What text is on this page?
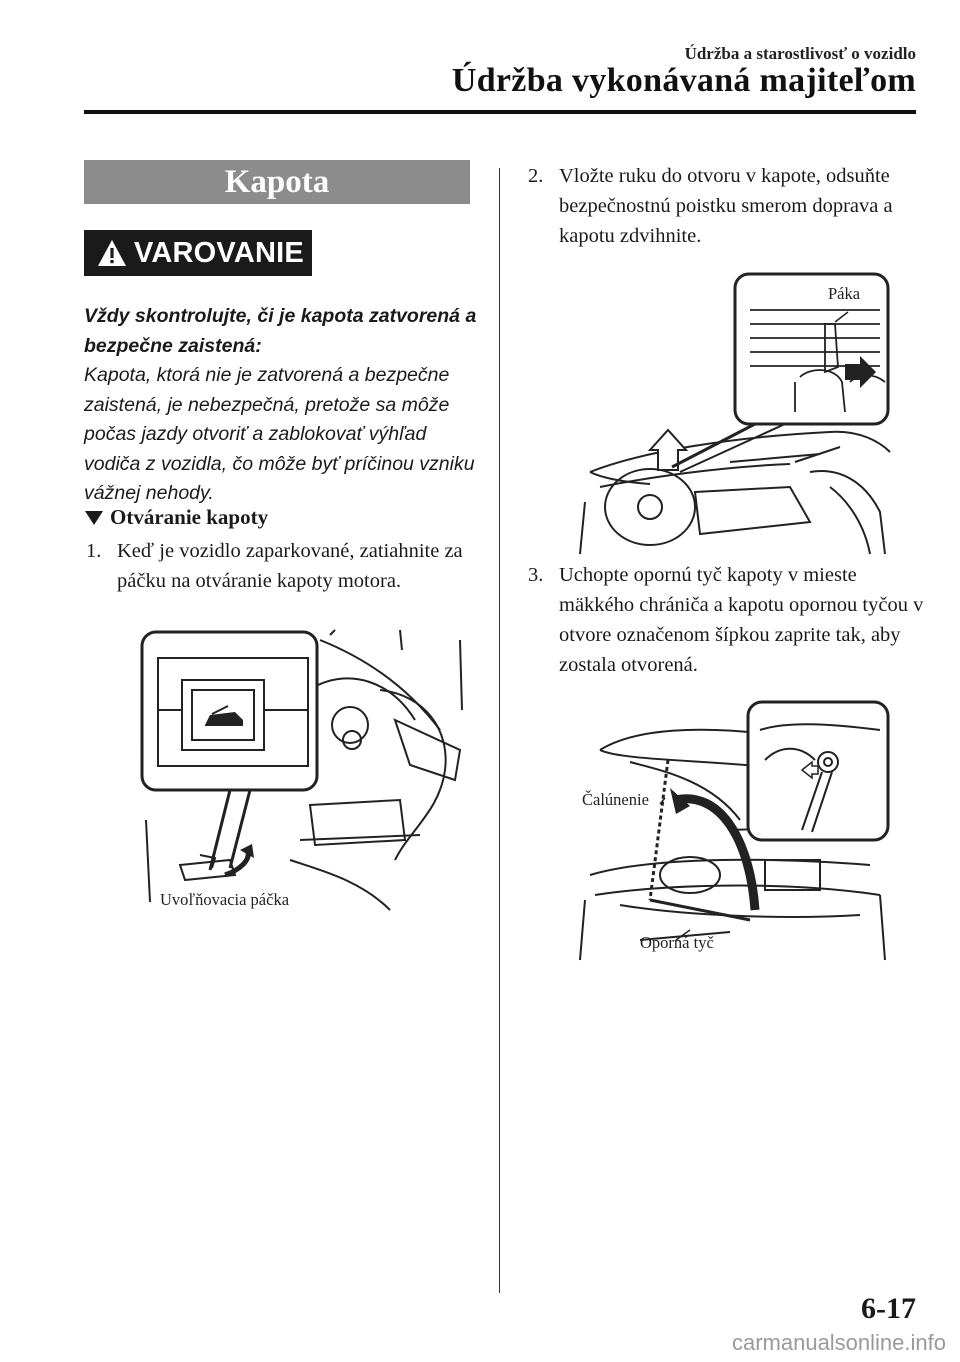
Údržba a starostlivosť o vozidlo
Údržba vykonávaná majiteľom
Kapota
VAROVANIE
Vždy skontrolujte, či je kapota zatvorená a bezpečne zaistená:
Kapota, ktorá nie je zatvorená a bezpečne zaistená, je nebezpečná, pretože sa môže počas jazdy otvoriť a zablokovať výhľad vodiča z vozidla, čo môže byť príčinou vzniku vážnej nehody.
Otváranie kapoty
1. Keď je vozidlo zaparkované, zatiahnite za páčku na otváranie kapoty motora.
Uvoľňovacia páčka
2. Vložte ruku do otvoru v kapote, odsuňte bezpečnostnú poistku smerom doprava a kapotu zdvihnite.
Páka
3. Uchopte opornú tyč kapoty v mieste mäkkého chrániča a kapotu opornou tyčou v otvore označenom šípkou zaprite tak, aby zostala otvorená.
Čalúnenie
Oporná tyč
6-17
carmanualsonline.info
